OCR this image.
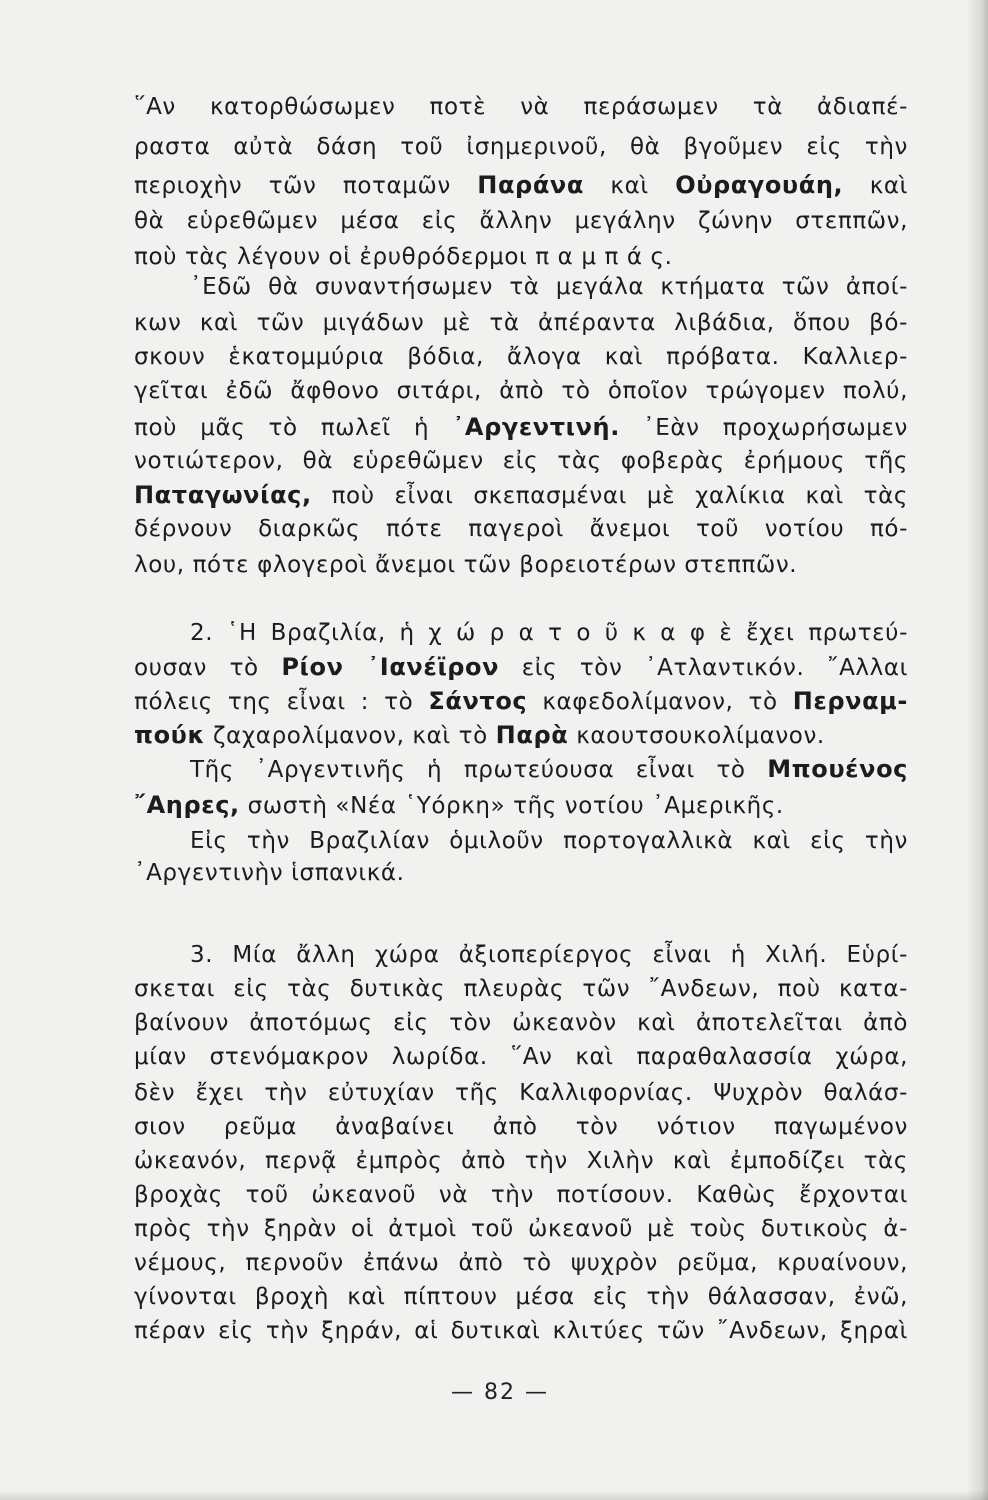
῞Αν κατορθώσωμεν ποτὲ νὰ περάσωμεν τὰ ἀδιαπέ-
ραστα αὐτὰ δάση τοῦ ἰσημερινοῦ, θὰ βγοῦμεν εἰς τὴν
περιοχὴν τῶν ποταμῶν Παράνα καὶ Οὐραγουάη, καὶ
θὰ εὑρεθῶμεν μέσα εἰς ἄλλην μεγάλην ζώνην στεππῶν,
ποὺ τὰς λέγουν οἱ ἐρυθρόδερμοι π α μ π ά ς.
᾿Εδῶ θὰ συναντήσωμεν τὰ μεγάλα κτήματα τῶν ἀποί-
κων καὶ τῶν μιγάδων μὲ τὰ ἀπέραντα λιβάδια, ὅπου βό-
σκουν ἑκατομμύρια βόδια, ἄλογα καὶ πρόβατα. Καλλιερ-
γεῖται ἐδῶ ἄφθονο σιτάρι, ἀπὸ τὸ ὁποῖον τρώγομεν πολύ,
ποὺ μᾶς τὸ πωλεῖ ἡ ᾿Αργεντινή. ᾿Εὰν προχωρήσωμεν
νοτιώτερον, θὰ εὑρεθῶμεν εἰς τὰς φοβερὰς ἐρήμους τῆς
Παταγωνίας, ποὺ εἶναι σκεπασμέναι μὲ χαλίκια καὶ τὰς
δέρνουν διαρκῶς πότε παγεροὶ ἄνεμοι τοῦ νοτίου πό-
λου, πότε φλογεροὶ ἄνεμοι τῶν βορειοτέρων στεππῶν.
2. ῾Η Βραζιλία, ἡ χ ώ ρ α τ ο ῦ κ α φ ὲ ἔχει πρωτεύ-
ουσαν τὸ Ρίον ᾿Ιανέϊρον εἰς τὸν ᾿Ατλαντικόν. ῎Αλλαι
πόλεις της εἶναι : τὸ Σάντος καφεδολίμανον, τὸ Περναμ-
πούκ ζαχαρολίμανον, καὶ τὸ Παρὰ καουτσουκολίμανον.
Τῆς ᾿Αργεντινῆς ἡ πρωτεύουσα εἶναι τὸ Μπουένος
῎Αηρες, σωστὴ «Νέα ῾Υόρκη» τῆς νοτίου ᾿Αμερικῆς.
Εἰς τὴν Βραζιλίαν ὁμιλοῦν πορτογαλλικὰ καὶ εἰς τὴν
᾿Αργεντινὴν ἱσπανικά.
3. Μία ἄλλη χώρα ἀξιοπερίεργος εἶναι ἡ Χιλή. Εὑρί-
σκεται εἰς τὰς δυτικὰς πλευρὰς τῶν ῎Ανδεων, ποὺ κατα-
βαίνουν ἀποτόμως εἰς τὸν ὠκεανὸν καὶ ἀποτελεῖται ἀπὸ
μίαν στενόμακρον λωρίδα. ῞Αν καὶ παραθαλασσία χώρα,
δὲν ἔχει τὴν εὐτυχίαν τῆς Καλλιφορνίας. Ψυχρὸν θαλάσ-
σιον ρεῦμα ἀναβαίνει ἀπὸ τὸν νότιον παγωμένον
ὠκεανόν, περνᾷ ἐμπρὸς ἀπὸ τὴν Χιλὴν καὶ ἐμποδίζει τὰς
βροχὰς τοῦ ὠκεανοῦ νὰ τὴν ποτίσουν. Καθὼς ἔρχονται
πρὸς τὴν ξηρὰν οἱ ἀτμοὶ τοῦ ὠκεανοῦ μὲ τοὺς δυτικοὺς ἀ-
νέμους, περνοῦν ἐπάνω ἀπὸ τὸ ψυχρὸν ρεῦμα, κρυαίνουν,
γίνονται βροχὴ καὶ πίπτουν μέσα εἰς τὴν θάλασσαν, ἐνῶ,
πέραν εἰς τὴν ξηράν, αἱ δυτικαὶ κλιτύες τῶν ῎Ανδεων, ξηραὶ
— 82 —
